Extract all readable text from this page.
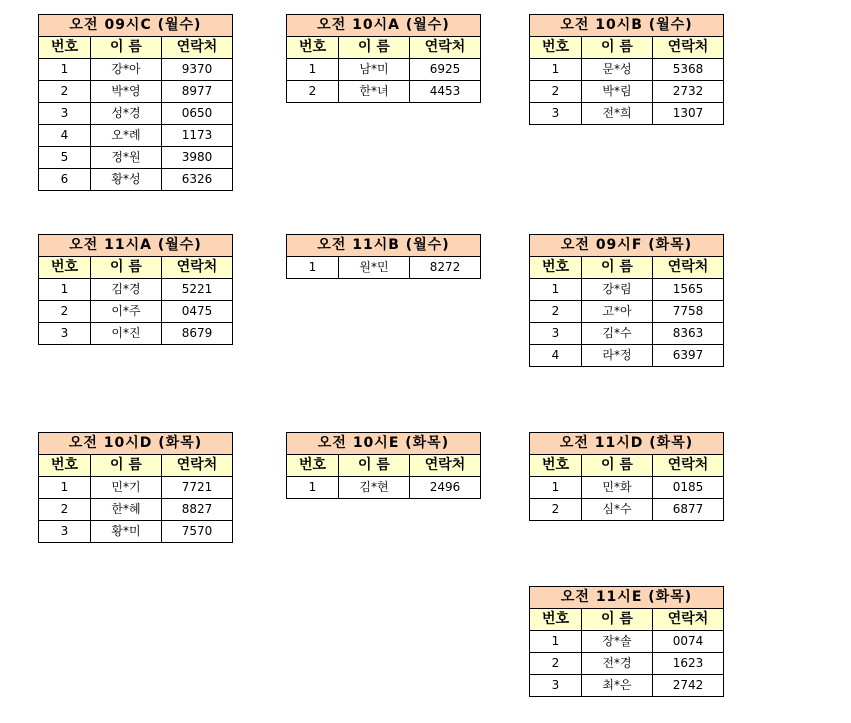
오전 09시C (월수)		
번호	이 름	연락처
1	강*아	9370
2	박*영	8977
3	성*경	0650
4	오*례	1173
5	정*원	3980
6	황*성	6326
오전 10시A (월수)		
번호	이 름	연락처
1	남*미	6925
2	한*녀	4453
오전 10시B (월수)		
번호	이 름	연락처
1	문*성	5368
2	박*림	2732
3	전*희	1307
오전 11시A (월수)		
번호	이 름	연락처
1	김*경	5221
2	이*주	0475
3	이*진	8679
오전 11시B (월수)
1	원*민	8272
오전 09시F (화목)		
번호	이 름	연락처
1	강*림	1565
2	고*아	7758
3	김*수	8363
4	라*정	6397
오전 10시D (화목)		
번호	이 름	연락처
1	민*기	7721
2	한*혜	8827
3	황*미	7570
오전 10시E (화목)		
번호	이 름	연락처
1	김*현	2496
오전 11시D (화목)		
번호	이 름	연락처
1	민*화	0185
2	심*수	6877
오전 11시E (화목)		
번호	이 름	연락처
1	장*솔	0074
2	전*경	1623
3	최*은	2742
